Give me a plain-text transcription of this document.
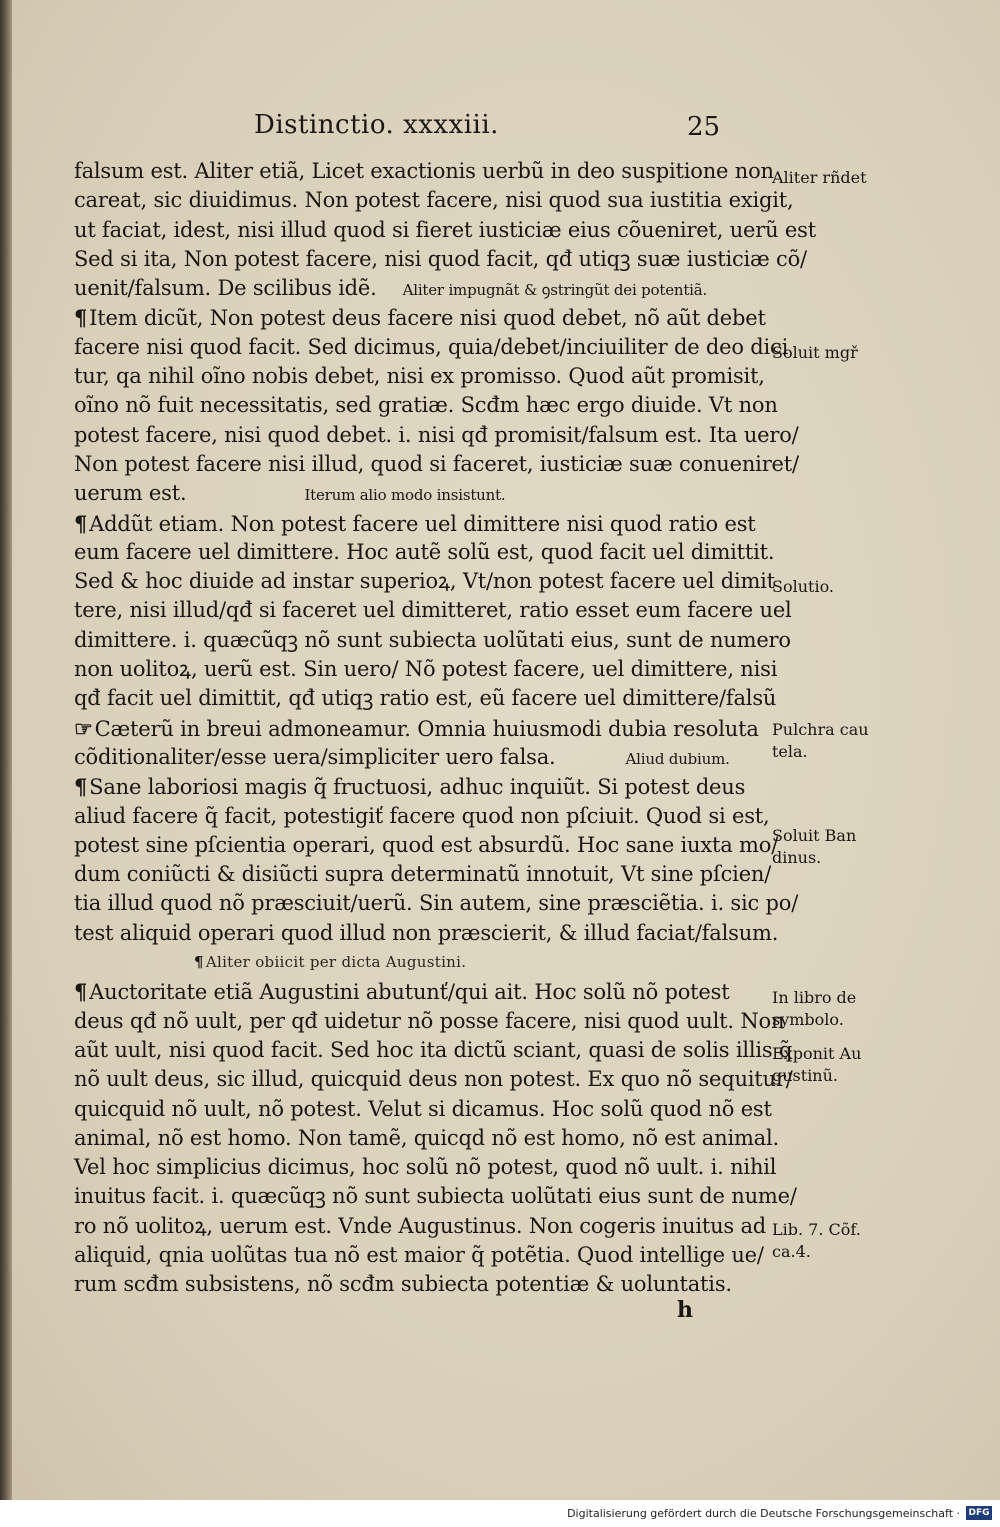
Distinctio. xxxxiii.	25
falsum est. Aliter etiã, Licet exactionis uerbũ in deo suspitione non
careat, sic diuidimus. Non potest facere, nisi quod sua iustitia exigit,
ut faciat, idest, nisi illud quod si fieret iusticiæ eius cõueniret, uerũ est
Sed si ita, Non potest facere, nisi quod facit, qđ utiqꝫ suæ iusticiæ cõ/
uenit/falsum. De scilibus idẽ. Aliter impugnãt & ꝯstringũt dei potentiã.
¶Item dicũt, Non potest deus facere nisi quod debet, nõ aũt debet
facere nisi quod facit. Sed dicimus, quia/debet/inciuiliter de deo dici
tur, qa nihil oĩno nobis debet, nisi ex promisso. Quod aũt promisit,
oĩno nõ fuit necessitatis, sed gratiæ. Scđm hæc ergo diuide. Vt non
potest facere, nisi quod debet. i. nisi qđ promisit/falsum est. Ita uero/
Non potest facere nisi illud, quod si faceret, iusticiæ suæ conueniret/
uerum est.	Iterum alio modo insistunt.
¶Addũt etiam. Non potest facere uel dimittere nisi quod ratio est
eum facere uel dimittere. Hoc autẽ solũ est, quod facit uel dimittit.
Sed & hoc diuide ad instar superioꝝ, Vt/non potest facere uel dimit
tere, nisi illud/qđ si faceret uel dimitteret, ratio esset eum facere uel
dimittere. i. quæcũqꝫ nõ sunt subiecta uolũtati eius, sunt de numero
non uolitoꝝ, uerũ est. Sin uero/ Nõ potest facere, uel dimittere, nisi
qđ facit uel dimittit, qđ utiqꝫ ratio est, eũ facere uel dimittere/falsũ
☞Cæterũ in breui admoneamur. Omnia huiusmodi dubia resoluta
cõditionaliter/esse uera/simpliciter uero falsa.	Aliud dubium.
¶Sane laboriosi magis q̃ fructuosi, adhuc inquiũt. Si potest deus
aliud facere q̃ facit, potestigiť facere quod non pſciuit. Quod si est,
potest sine pſcientia operari, quod est absurdũ. Hoc sane iuxta mo/
dum coniũcti & disiũcti supra determinatũ innotuit, Vt sine pſcien/
tia illud quod nõ præsciuit/uerũ. Sin autem, sine præsciẽtia. i. sic po/
test aliquid operari quod illud non præscierit, & illud faciat/falsum.
¶ Aliter obiicit per dicta Augustini.
¶Auctoritate etiã Augustini abutunť/qui ait. Hoc solũ nõ potest
deus qđ nõ uult, per qđ uidetur nõ posse facere, nisi quod uult. Non
aũt uult, nisi quod facit. Sed hoc ita dictũ sciant, quasi de solis illis q̃
nõ uult deus, sic illud, quicquid deus non potest. Ex quo nõ sequitur/
quicquid nõ uult, nõ potest. Velut si dicamus. Hoc solũ quod nõ est
animal, nõ est homo. Non tamẽ, quicqd nõ est homo, nõ est animal.
Vel hoc simplicius dicimus, hoc solũ nõ potest, quod nõ uult. i. nihil
inuitus facit. i. quæcũqꝫ nõ sunt subiecta uolũtati eius sunt de nume/
ro nõ uolitoꝝ, uerum est. Vnde Augustinus. Non cogeris inuitus ad
aliquid, qnia uolũtas tua nõ est maior q̃ potẽtia. Quod intellige ue/
rum scđm subsistens, nõ scđm subiecta potentiæ & uoluntatis.
Aliter rñdet
Soluit mgř
Solutio.
Pulchra cau tela.
Soluit Ban dinus.
In libro de symbolo.
Exponit Au gustinũ.
Lib. 7. Cõf. ca.4.
h
Digitalisierung gefördert durch die Deutsche Forschungsgemeinschaft · DFG
